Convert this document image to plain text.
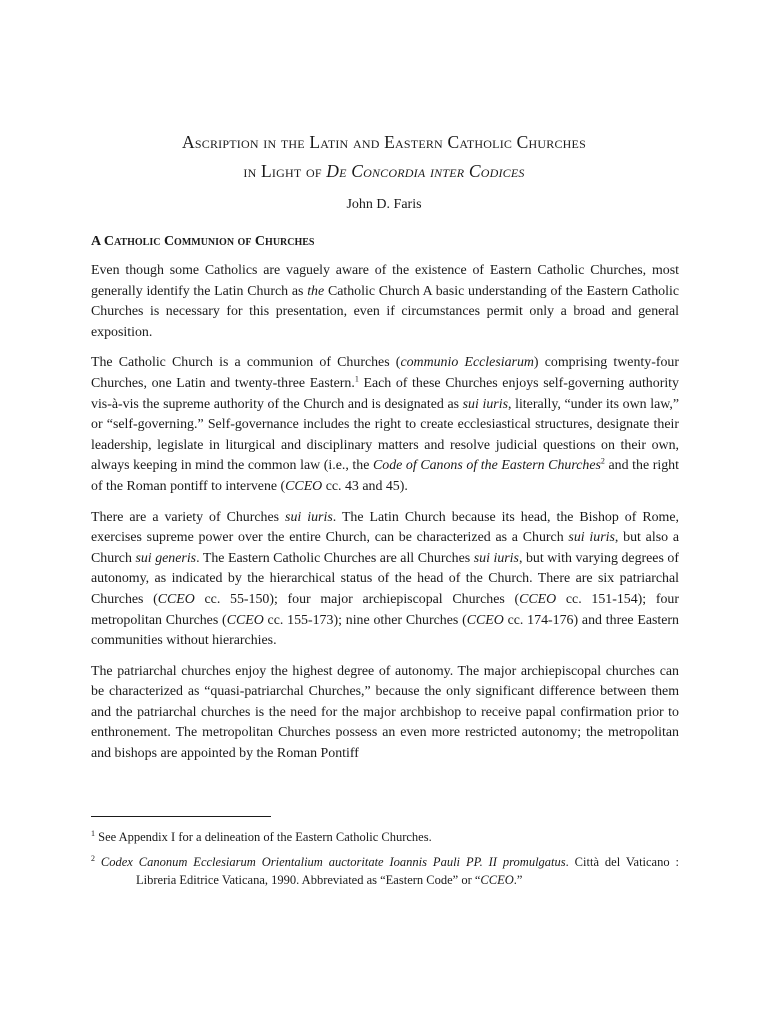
Ascription in the Latin and Eastern Catholic Churches
in Light of De Concordia inter Codices
John D. Faris
A Catholic Communion of Churches

Even though some Catholics are vaguely aware of the existence of Eastern Catholic Churches, most generally identify the Latin Church as the Catholic Church A basic understanding of the Eastern Catholic Churches is necessary for this presentation, even if circumstances permit only a broad and general exposition.

The Catholic Church is a communion of Churches (communio Ecclesiarum) comprising twenty-four Churches, one Latin and twenty-three Eastern.$^1$ Each of these Churches enjoys self-governing authority vis-à-vis the supreme authority of the Church and is designated as sui iuris, literally, “under its own law,” or “self-governing.” Self-governance includes the right to create ecclesiastical structures, designate their leadership, legislate in liturgical and disciplinary matters and resolve judicial questions on their own, always keeping in mind the common law (i.e., the Code of Canons of the Eastern Churches$^2$ and the right of the Roman pontiff to intervene (CCEO cc. 43 and 45).

There are a variety of Churches sui iuris. The Latin Church because its head, the Bishop of Rome, exercises supreme power over the entire Church, can be characterized as a Church sui iuris, but also a Church sui generis. The Eastern Catholic Churches are all Churches sui iuris, but with varying degrees of autonomy, as indicated by the hierarchical status of the head of the Church. There are six patriarchal Churches (CCEO cc. 55-150); four major archiepiscopal Churches (CCEO cc. 151-154); four metropolitan Churches (CCEO cc. 155-173); nine other Churches (CCEO cc. 174-176) and three Eastern communities without hierarchies.

The patriarchal churches enjoy the highest degree of autonomy. The major archiepiscopal churches can be characterized as “quasi-patriarchal Churches,” because the only significant difference between them and the patriarchal churches is the need for the major archbishop to receive papal confirmation prior to enthronement. The metropolitan Churches possess an even more restricted autonomy; the metropolitan and bishops are appointed by the Roman Pontiff

$^1$ See Appendix I for a delineation of the Eastern Catholic Churches.

$^2$ Codex Canonum Ecclesiarum Orientalium auctoritate Ioannis Pauli PP. II promulgatus. Città del Vaticano : Libreria Editrice Vaticana, 1990. Abbreviated as “Eastern Code” or “CCEO.”
